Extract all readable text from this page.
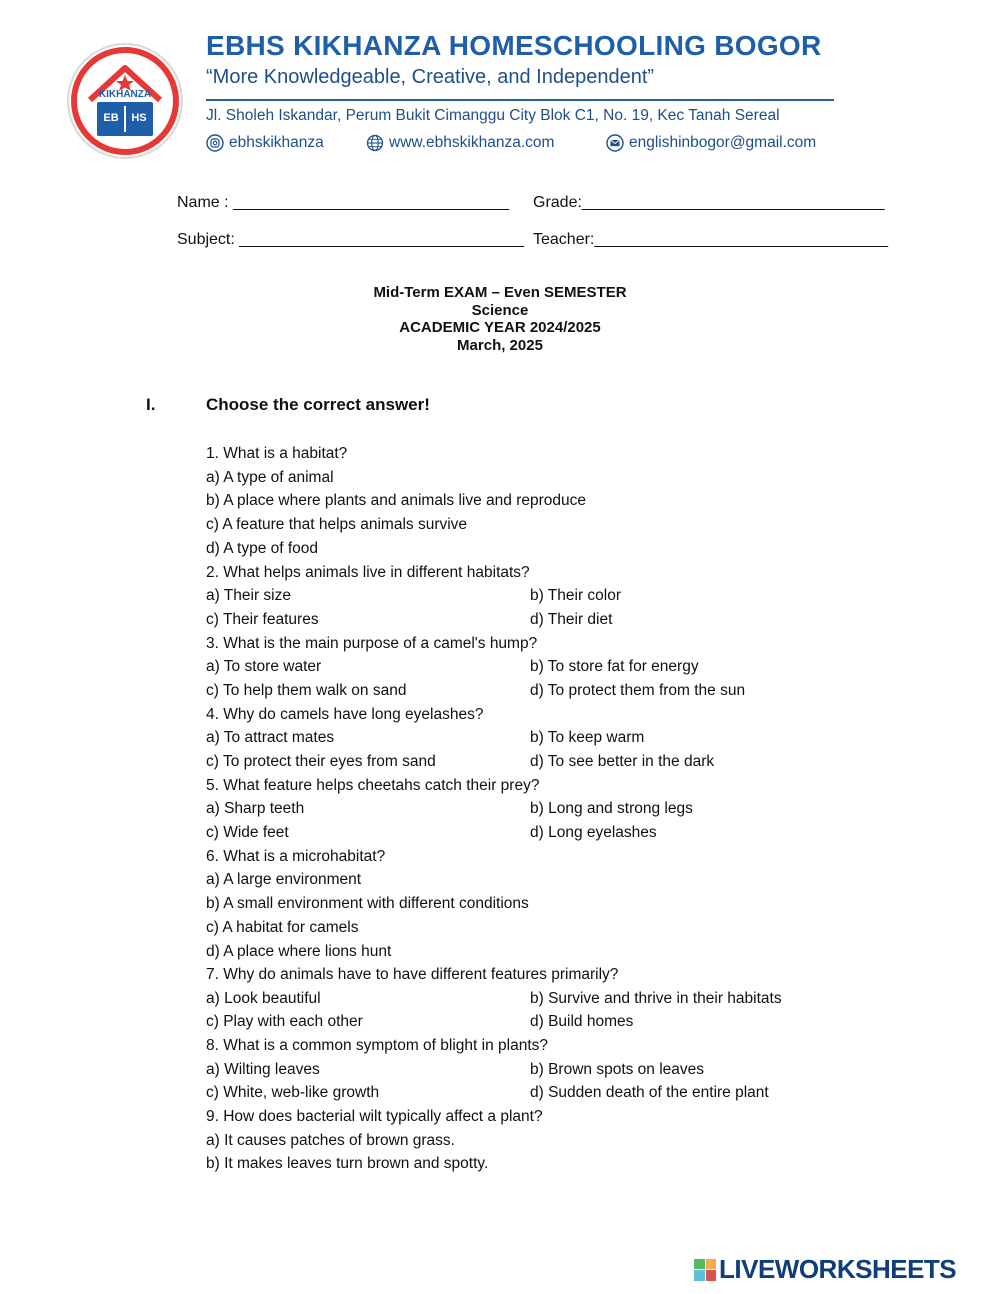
KIKHANZA
EB	HS
EBHS KIKHANZA HOMESCHOOLING BOGOR
“More Knowledgeable, Creative, and Independent”
Jl. Sholeh Iskandar, Perum Bukit Cimanggu City Blok C1, No. 19, Kec Tanah Sereal
ebhskikhanza	www.ebhskikhanza.com	englishinbogor@gmail.com
Name : _______________________________ Grade:__________________________________
Subject: ________________________________ Teacher:_________________________________
Mid-Term EXAM – Even SEMESTER
Science
ACADEMIC YEAR 2024/2025
March, 2025
I.	Choose the correct answer!
1. What is a habitat?
a) A type of animal
b) A place where plants and animals live and reproduce
c) A feature that helps animals survive
d) A type of food
2. What helps animals live in different habitats?
a) Their size	b) Their color
c) Their features	d) Their diet
3. What is the main purpose of a camel's hump?
a) To store water	b) To store fat for energy
c) To help them walk on sand	d) To protect them from the sun
4. Why do camels have long eyelashes?
a) To attract mates	b) To keep warm
c) To protect their eyes from sand	d) To see better in the dark
5. What feature helps cheetahs catch their prey?
a) Sharp teeth	b) Long and strong legs
c) Wide feet	d) Long eyelashes
6. What is a microhabitat?
a) A large environment
b) A small environment with different conditions
c) A habitat for camels
d) A place where lions hunt
7. Why do animals have to have different features primarily?
a) Look beautiful	b) Survive and thrive in their habitats
c) Play with each other	d) Build homes
8. What is a common symptom of blight in plants?
a) Wilting leaves	b) Brown spots on leaves
c) White, web-like growth	d) Sudden death of the entire plant
9. How does bacterial wilt typically affect a plant?
a) It causes patches of brown grass.
b) It makes leaves turn brown and spotty.
LIVEWORKSHEETS
